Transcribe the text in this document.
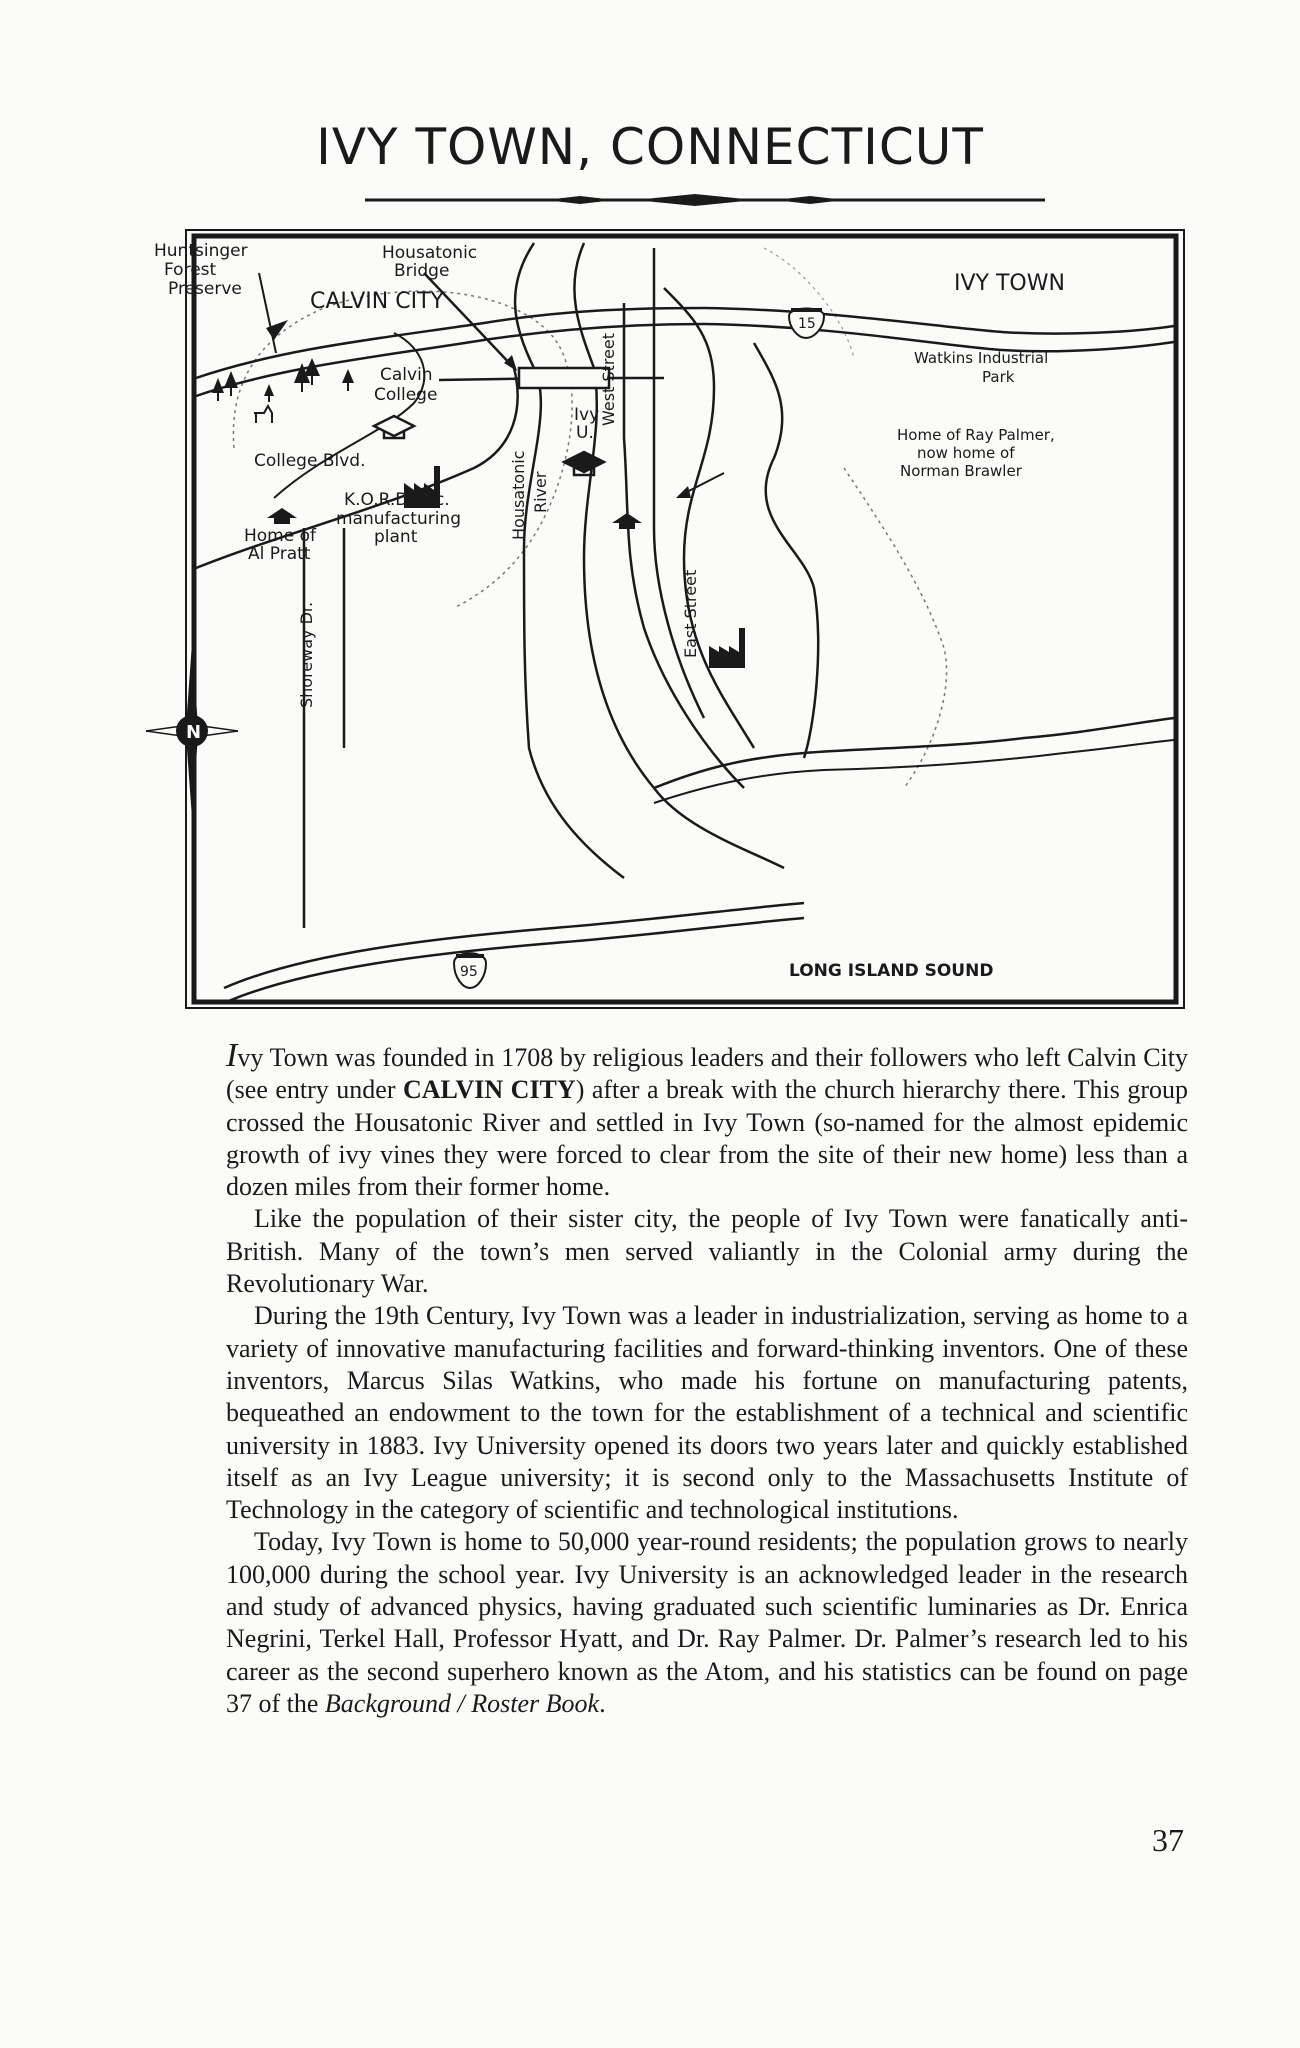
IVY TOWN, CONNECTICUT
Huntsinger
Forest
Preserve
Housatonic
Bridge
CALVIN CITY
IVY TOWN
15
95
West Street
Calvin
College
Ivy
U.
Watkins Industrial
Park
College Blvd.	Housatonic River
Home of Ray Palmer,
now home of
Norman Brawler
K.O.R.D. Inc.
manufacturing
plant
Home of
Al Pratt
East Street
Shoreway Dr.
N
LONG ISLAND SOUND

Ivy Town was founded in 1708 by religious leaders and their followers who left Calvin City (see entry under CALVIN CITY) after a break with the church hierarchy there. This group crossed the Housatonic River and settled in Ivy Town (so-named for the almost epidemic growth of ivy vines they were forced to clear from the site of their new home) less than a dozen miles from their former home.

Like the population of their sister city, the people of Ivy Town were fanatically anti-British. Many of the town’s men served valiantly in the Colonial army during the Revolutionary War.

During the 19th Century, Ivy Town was a leader in industrialization, serving as home to a variety of innovative manufacturing facilities and forward-thinking inventors. One of these inventors, Marcus Silas Watkins, who made his fortune on manufacturing patents, bequeathed an endowment to the town for the establishment of a technical and scientific university in 1883. Ivy University opened its doors two years later and quickly established itself as an Ivy League university; it is second only to the Massachusetts Institute of Technology in the category of scientific and technological institutions.

Today, Ivy Town is home to 50,000 year-round residents; the population grows to nearly 100,000 during the school year. Ivy University is an acknowledged leader in the research and study of advanced physics, having graduated such scientific luminaries as Dr. Enrica Negrini, Terkel Hall, Professor Hyatt, and Dr. Ray Palmer. Dr. Palmer’s research led to his career as the second superhero known as the Atom, and his statistics can be found on page 37 of the Background / Roster Book.

37
